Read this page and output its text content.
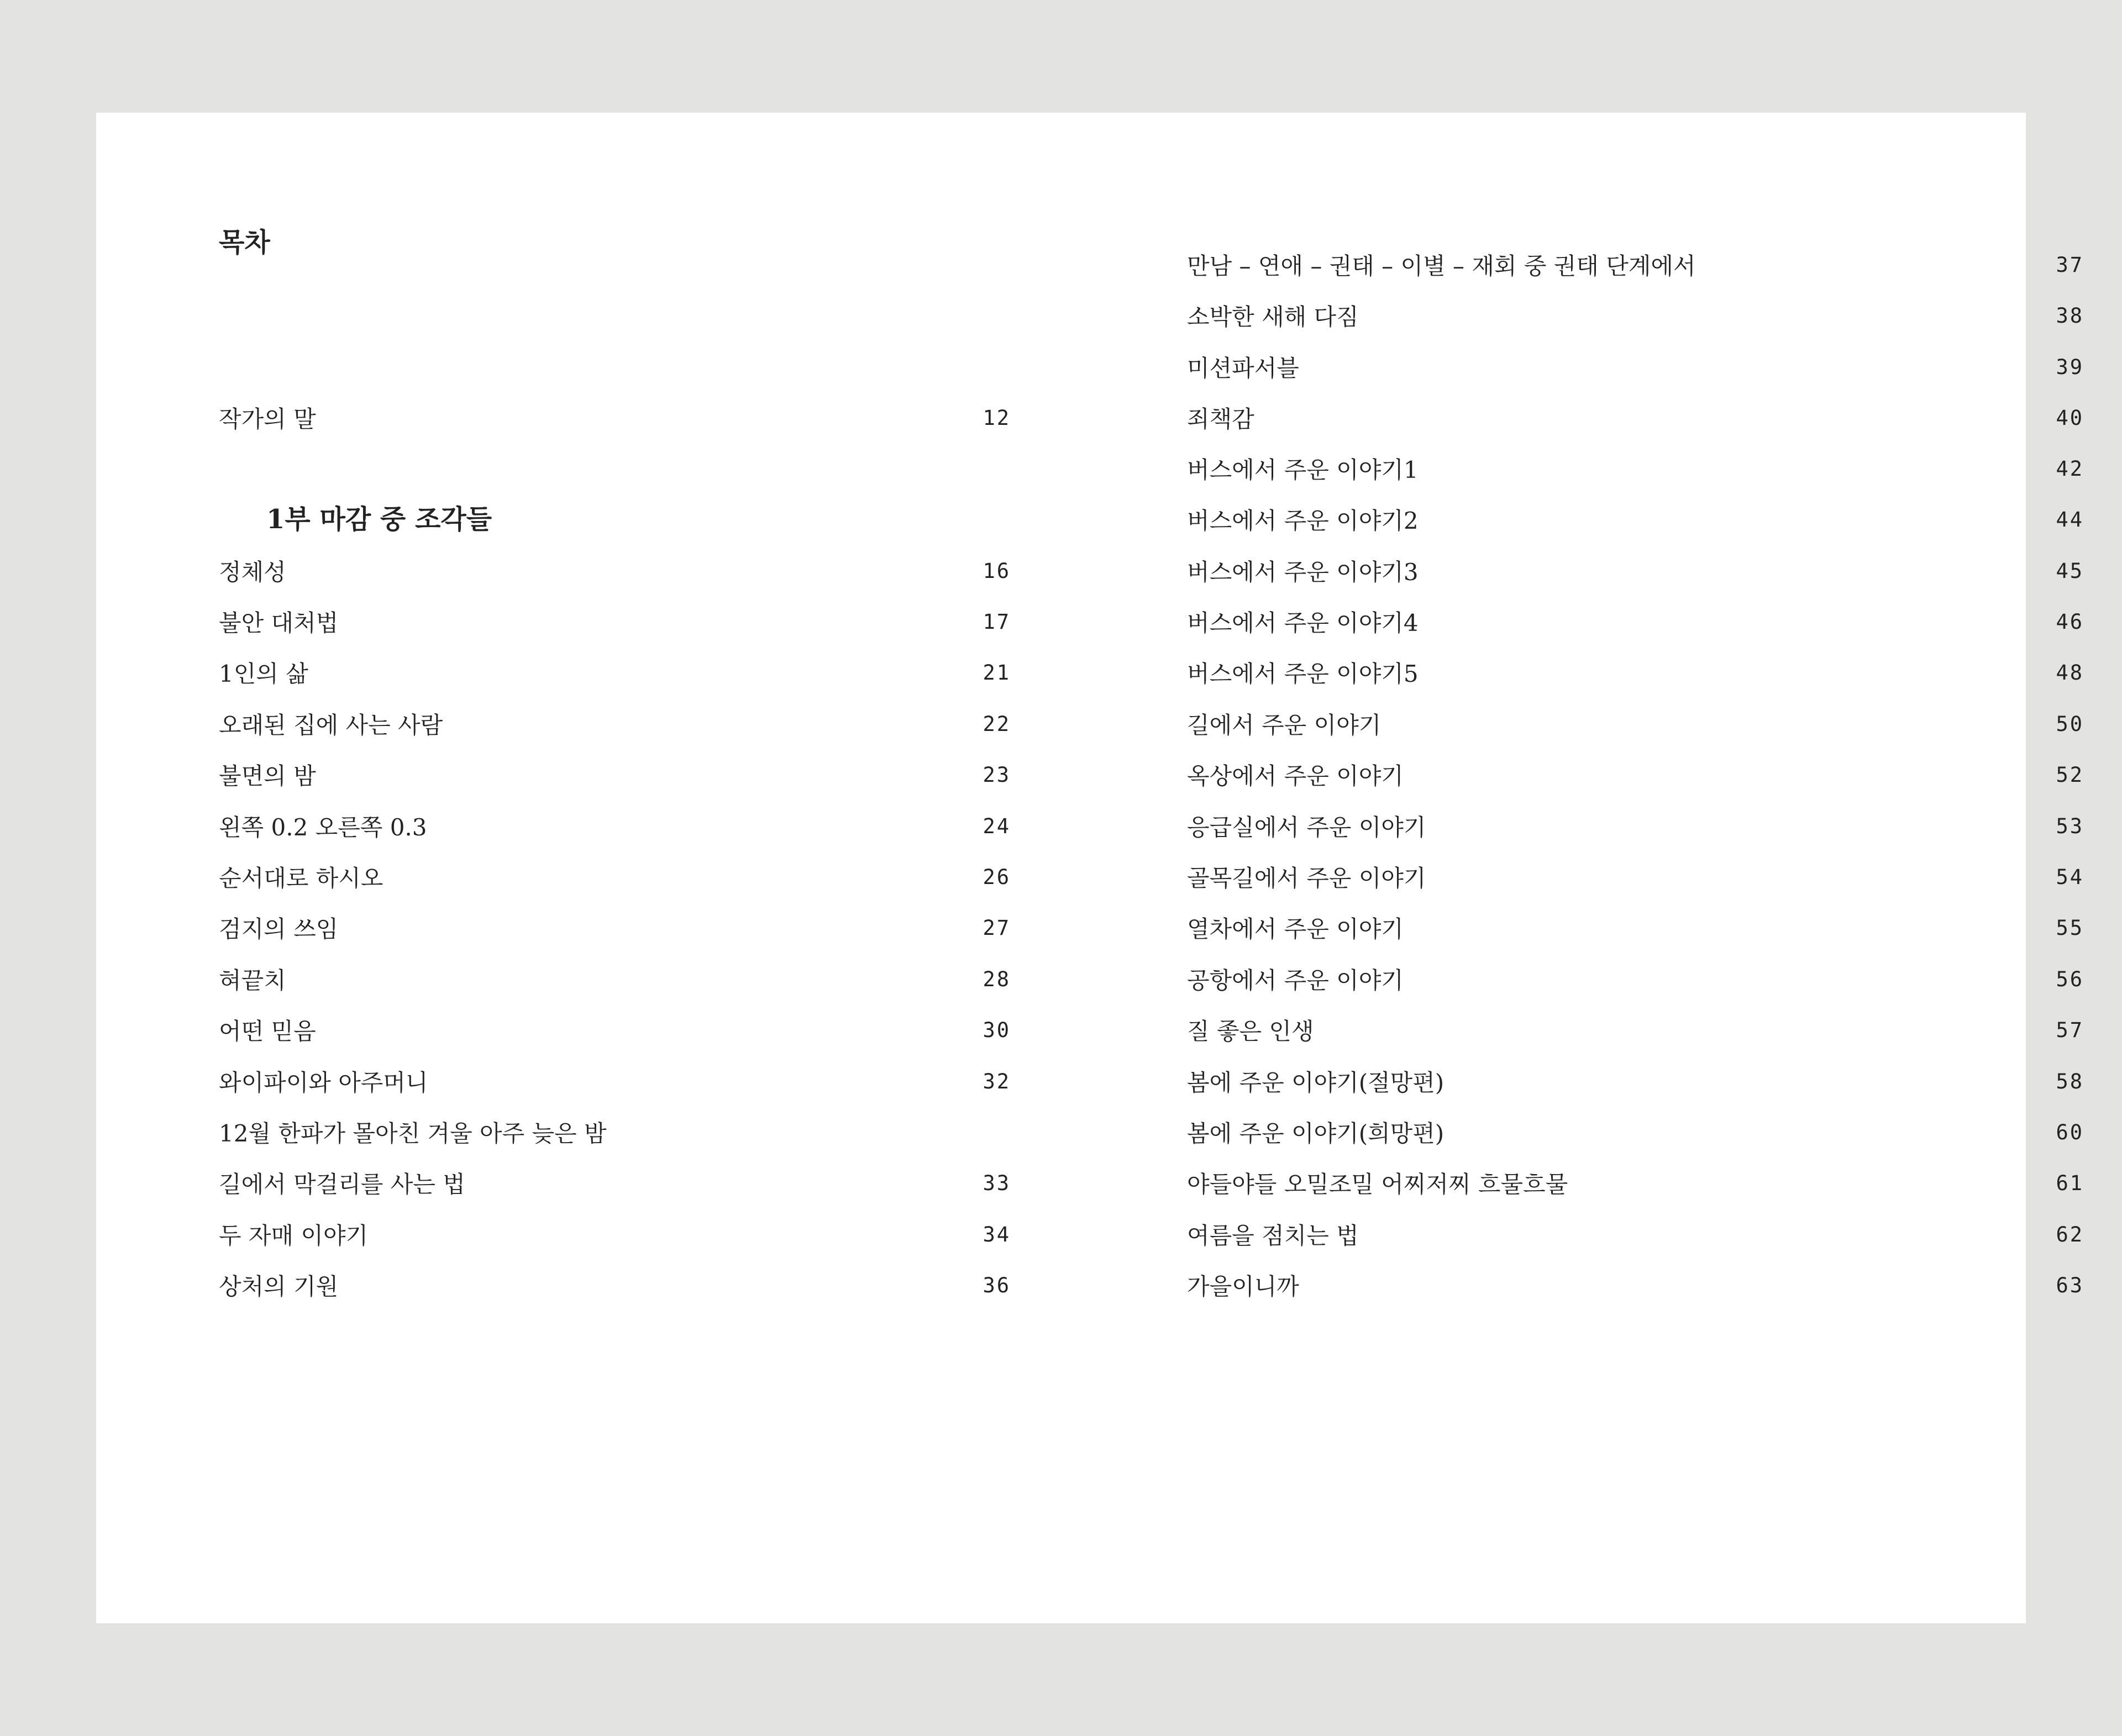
목차
작가의 말	12
1부 마감 중 조각들
정체성	16
불안 대처법	17
1인의 삶	21
오래된 집에 사는 사람	22
불면의 밤	23
왼쪽 0.2 오른쪽 0.3	24
순서대로 하시오	26
검지의 쓰임	27
혀끝치	28
어떤 믿음	30
와이파이와 아주머니	32
12월 한파가 몰아친 겨울 아주 늦은 밤
길에서 막걸리를 사는 법	33
두 자매 이야기	34
상처의 기원	36
만남 – 연애 – 권태 – 이별 – 재회 중 권태 단계에서	37
소박한 새해 다짐	38
미션파서블	39
죄책감	40
버스에서 주운 이야기1	42
버스에서 주운 이야기2	44
버스에서 주운 이야기3	45
버스에서 주운 이야기4	46
버스에서 주운 이야기5	48
길에서 주운 이야기	50
옥상에서 주운 이야기	52
응급실에서 주운 이야기	53
골목길에서 주운 이야기	54
열차에서 주운 이야기	55
공항에서 주운 이야기	56
질 좋은 인생	57
봄에 주운 이야기(절망편)	58
봄에 주운 이야기(희망편)	60
야들야들 오밀조밀 어찌저찌 흐물흐물	61
여름을 점치는 법	62
가을이니까	63
